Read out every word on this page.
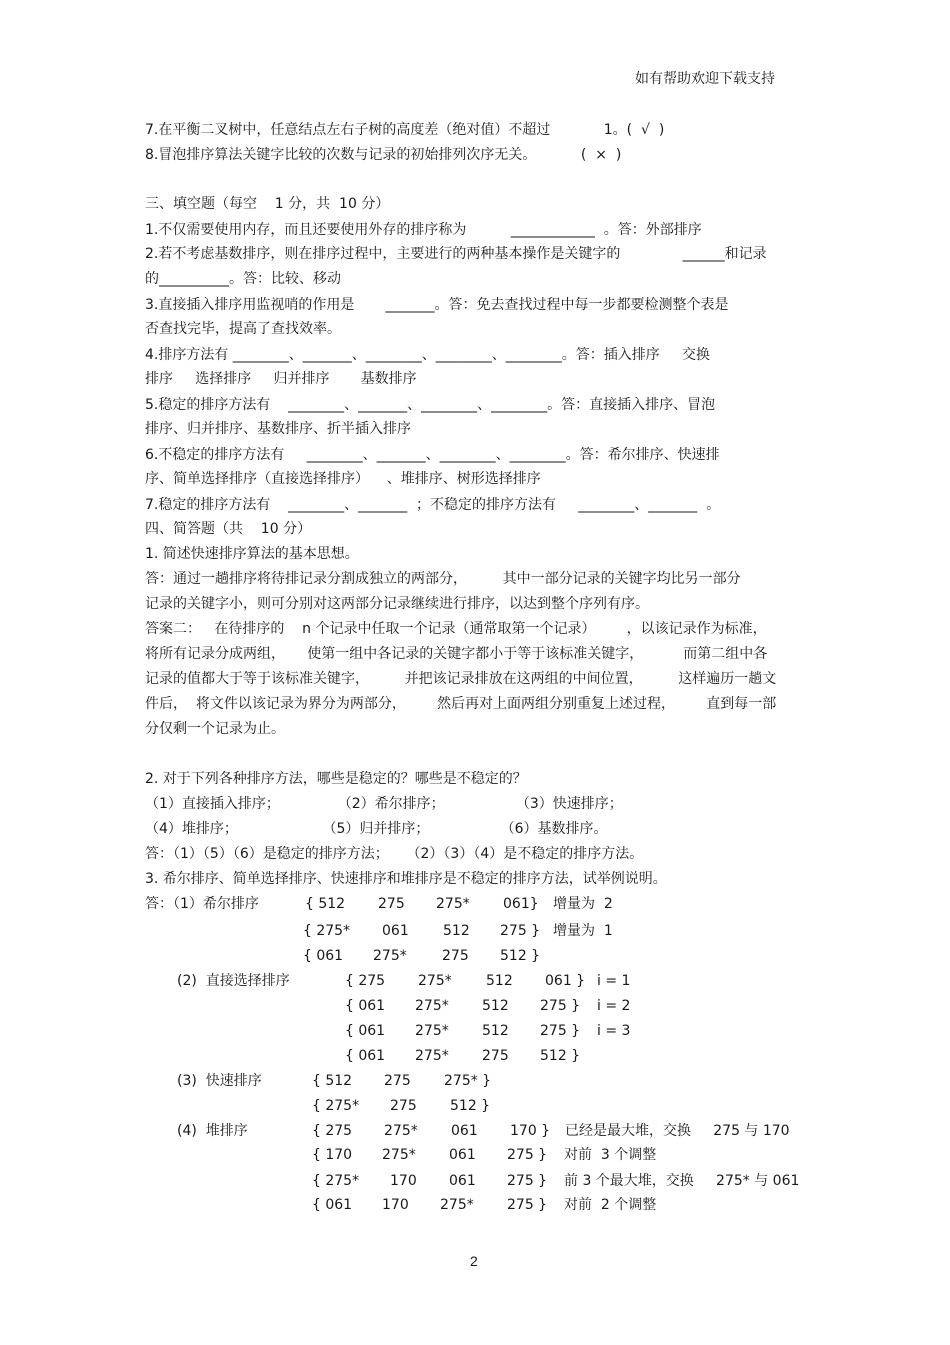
如有帮助欢迎下载支持
7.在平衡二叉树中，任意结点左右子树的高度差（绝对值）不超过            1。(  √  )
8.冒泡排序算法关键字比较的次数与记录的初始排列次序无关。          (  ×  )
三、填空题（每空    1 分，共  10 分）
1.不仅需要使用内存，而且还要使用外存的排序称为          ____________  。答：外部排序
2.若不考虑基数排序，则在排序过程中，主要进行的两种基本操作是关键字的              ______和记录
的__________。答：比较、移动
3.直接插入排序用监视哨的作用是       _______。答：免去查找过程中每一步都要检测整个表是
否查找完毕，提高了查找效率。
4.排序方法有 ________、_______、________、________、________。答：插入排序     交换
排序     选择排序     归并排序       基数排序
5.稳定的排序方法有    ________、_______、________、________。答：直接插入排序、冒泡
排序、归并排序、基数排序、折半插入排序
6.不稳定的排序方法有     ________、_______、________、________。答：希尔排序、快速排
序、简单选择排序（直接选择排序）    、堆排序、树形选择排序
7.稳定的排序方法有    ________、_______  ；不稳定的排序方法有     ________、_______  。
四、简答题（共    10 分）
1. 简述快速排序算法的基本思想。
答：通过一趟排序将待排记录分割成独立的两部分，        其中一部分记录的关键字均比另一部分
记录的关键字小，则可分别对这两部分记录继续进行排序，以达到整个序列有序。
答案二：   在待排序的    n 个记录中任取一个记录（通常取第一个记录）       ，以该记录作为标准，
将所有记录分成两组，     使第一组中各记录的关键字都小于等于该标准关键字，         而第二组中各
记录的值都大于等于该标准关键字，        并把该记录排放在这两组的中间位置，        这样遍历一趟文
件后，  将文件以该记录为界分为两部分，       然后再对上面两组分别重复上述过程，       直到每一部
分仅剩一个记录为止。
2. 对于下列各种排序方法，哪些是稳定的？哪些是不稳定的？
（1）直接插入排序；             （2）希尔排序；                （3）快速排序；
（4）堆排序；                   （5）归并排序；                （6）基数排序。
答：（1）（5）（6）是稳定的排序方法；    （2）（3）（4）是不稳定的排序方法。
3. 希尔排序、简单选择排序、快速排序和堆排序是不稳定的排序方法，试举例说明。
答：（1）希尔排序	{ 512 275 275* 061} 增量为  2
{ 275* 061 512 275 } 增量为  1
{ 061 275*	275 512 }
(2)  直接选择排序	{ 275 275* 512 061 } i = 1
{ 061 275* 512 275 } i = 2
{ 061 275* 512 275 } i = 3
{ 061 275* 275 512 }
(3)  快速排序	{ 512 275 275* }
{ 275* 275 512 }
(4)  堆排序	{ 275 275* 061 170 } 已经是最大堆，交换     275 与 170
{ 170 275* 061 275 } 对前  3 个调整
{ 275* 170 061 275 } 前 3 个最大堆，交换     275* 与 061
{ 061 170 275* 275 } 对前  2 个调整
2
